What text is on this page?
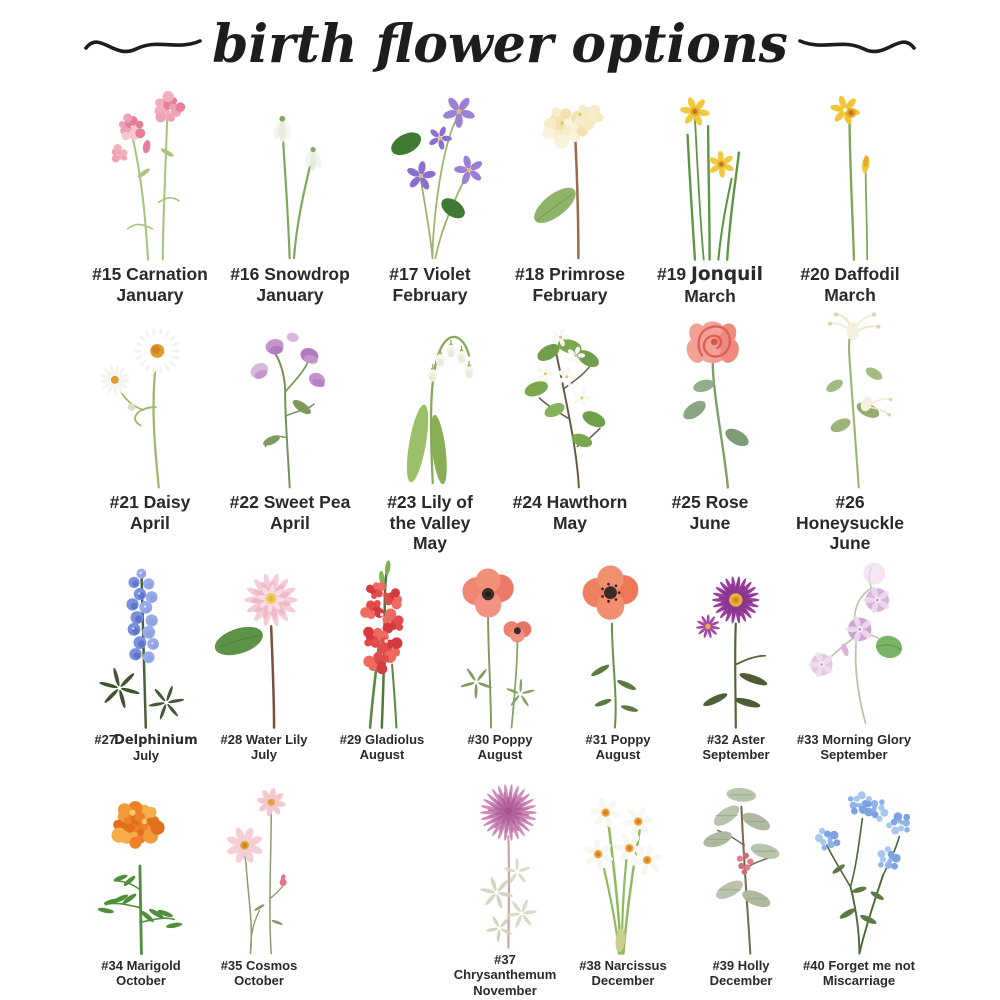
birth flower options
#15 Carnation
January
#16 Snowdrop
January
#17 Violet
February
#18 Primrose
February
#19 Jonquil
March
#20 Daffodil
March
#21 Daisy
April
#22 Sweet Pea
April
#23 Lily of the Valley
May
#24 Hawthorn
May
#25 Rose
June
#26 Honeysuckle
June
#27Delphinium
July
#28 Water Lily
July
#29 Gladiolus
August
#30 Poppy
August
#31 Poppy
August
#32 Aster
September
#33 Morning Glory
September
#34 Marigold
October
#35 Cosmos
October
#37 Chrysanthemum
November
#38 Narcissus
December
#39 Holly
December
#40 Forget me not
Miscarriage
